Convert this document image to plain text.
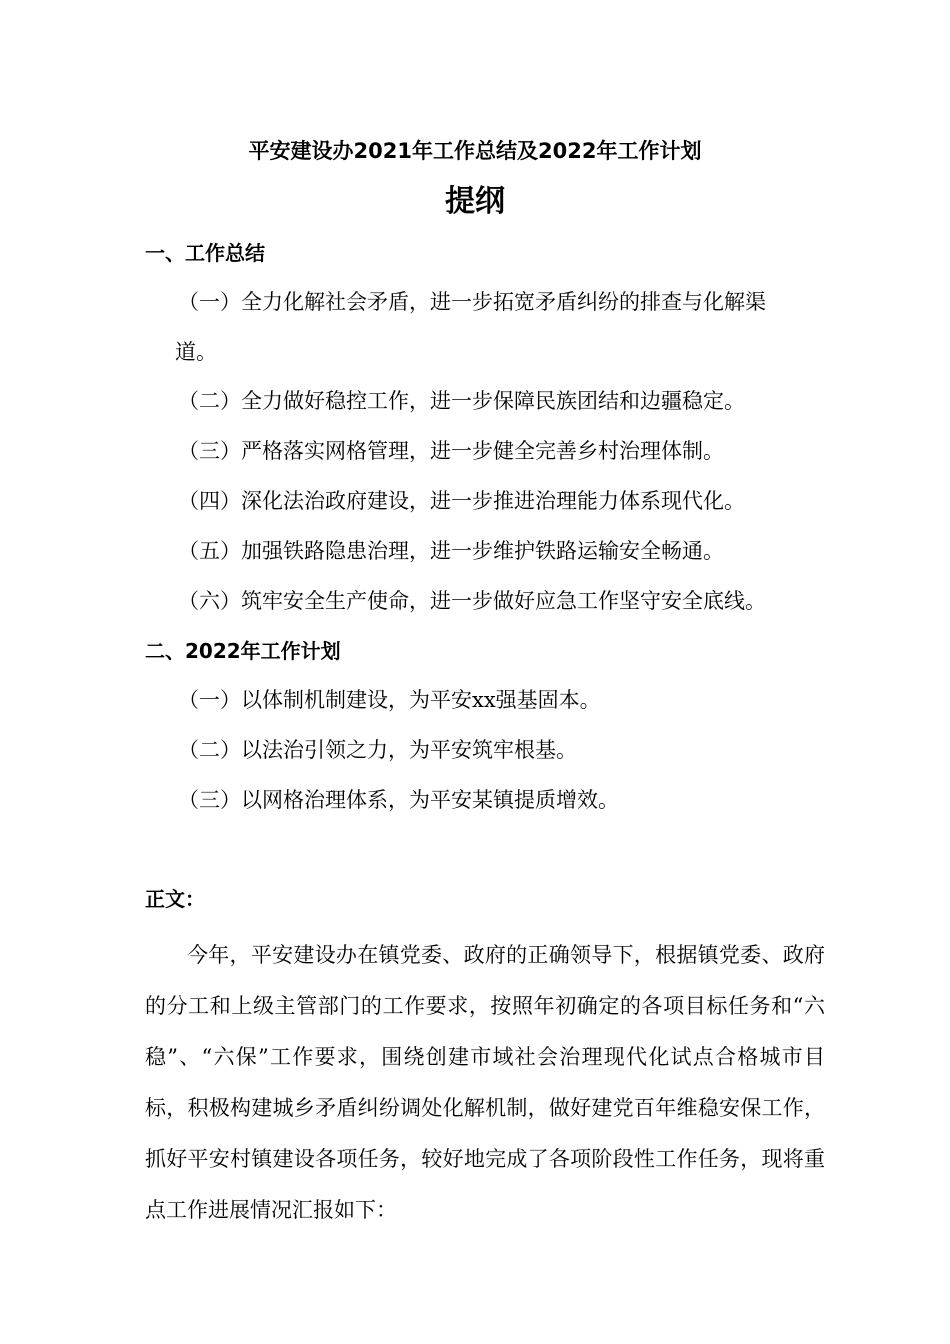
平安建设办2021年工作总结及2022年工作计划
提纲
一、工作总结
（一）全力化解社会矛盾，进一步拓宽矛盾纠纷的排查与化解渠
道。
（二）全力做好稳控工作，进一步保障民族团结和边疆稳定。
（三）严格落实网格管理，进一步健全完善乡村治理体制。
（四）深化法治政府建设，进一步推进治理能力体系现代化。
（五）加强铁路隐患治理，进一步维护铁路运输安全畅通。
（六）筑牢安全生产使命，进一步做好应急工作坚守安全底线。
二、2022年工作计划
（一）以体制机制建设，为平安xx强基固本。
（二）以法治引领之力，为平安筑牢根基。
（三）以网格治理体系，为平安某镇提质增效。
正文：
今年，平安建设办在镇党委、政府的正确领导下，根据镇党委、政府的分工和上级主管部门的工作要求，按照年初确定的各项目标任务和“六稳”、“六保”工作要求，围绕创建市域社会治理现代化试点合格城市目标，积极构建城乡矛盾纠纷调处化解机制，做好建党百年维稳安保工作，抓好平安村镇建设各项任务，较好地完成了各项阶段性工作任务，现将重点工作进展情况汇报如下：
